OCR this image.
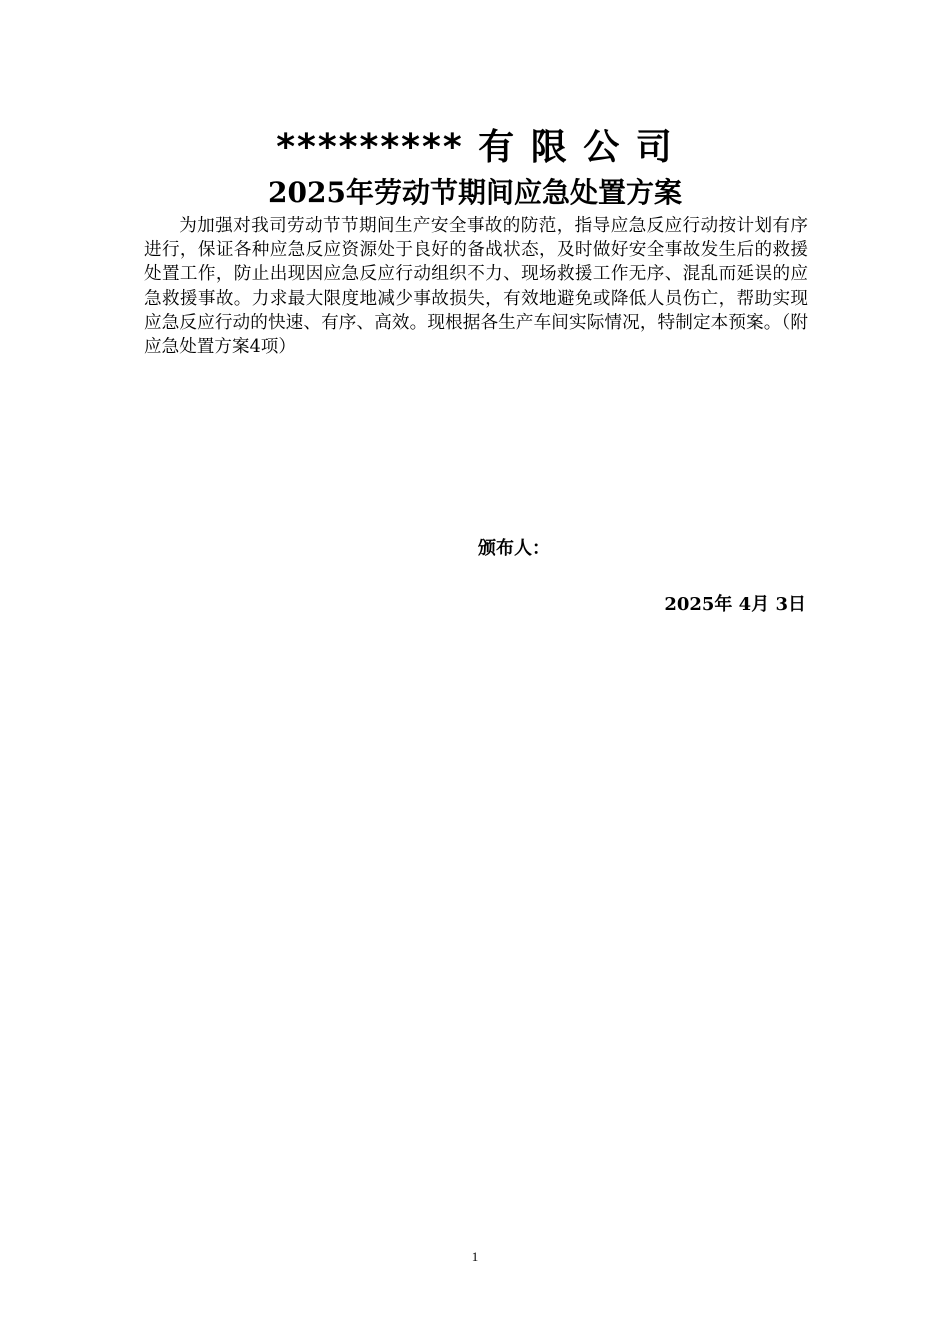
********* 有 限 公 司
2025年劳动节期间应急处置方案

为加强对我司劳动节节期间生产安全事故的防范，指导应急反应行动按计划有序进行，保证各种应急反应资源处于良好的备战状态，及时做好安全事故发生后的救援处置工作，防止出现因应急反应行动组织不力、现场救援工作无序、混乱而延误的应急救援事故。力求最大限度地减少事故损失，有效地避免或降低人员伤亡，帮助实现应急反应行动的快速、有序、高效。现根据各生产车间实际情况，特制定本预案。（附应急处置方案4项）

颁布人：
2025年 4月 3日
1
